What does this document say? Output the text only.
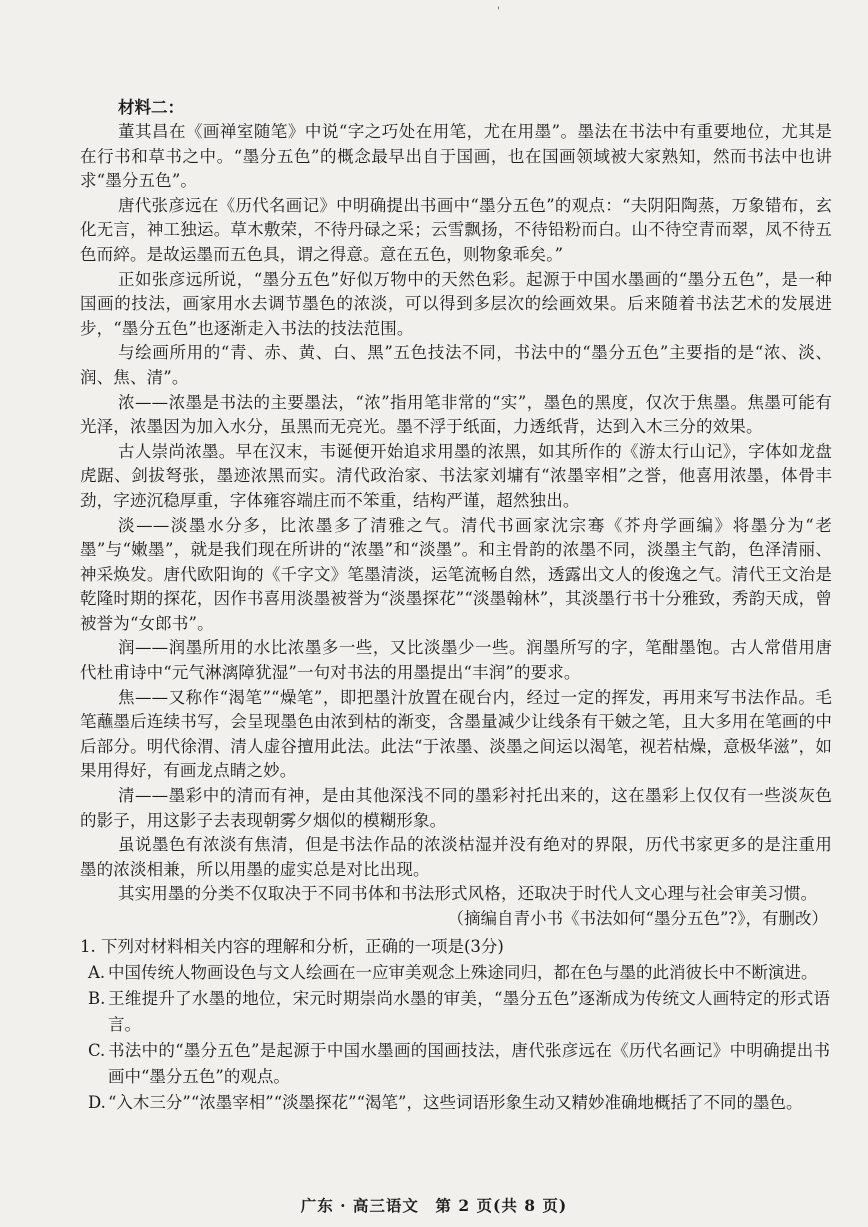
'
材料二：

董其昌在《画禅室随笔》中说“字之巧处在用笔，尤在用墨”。墨法在书法中有重要地位，尤其是在行书和草书之中。“墨分五色”的概念最早出自于国画，也在国画领域被大家熟知，然而书法中也讲求“墨分五色”。

唐代张彦远在《历代名画记》中明确提出书画中“墨分五色”的观点：“夫阴阳陶蒸，万象错布，玄化无言，神工独运。草木敷荣，不待丹碌之采；云雪飘扬，不待铅粉而白。山不待空青而翠，凤不待五色而綷。是故运墨而五色具，谓之得意。意在五色，则物象乖矣。”

正如张彦远所说，“墨分五色”好似万物中的天然色彩。起源于中国水墨画的“墨分五色”，是一种国画的技法，画家用水去调节墨色的浓淡，可以得到多层次的绘画效果。后来随着书法艺术的发展进步，“墨分五色”也逐渐走入书法的技法范围。

与绘画所用的“青、赤、黄、白、黑”五色技法不同，书法中的“墨分五色”主要指的是“浓、淡、润、焦、清”。

浓——浓墨是书法的主要墨法，“浓”指用笔非常的“实”，墨色的黑度，仅次于焦墨。焦墨可能有光泽，浓墨因为加入水分，虽黑而无亮光。墨不浮于纸面，力透纸背，达到入木三分的效果。

古人崇尚浓墨。早在汉末，韦诞便开始追求用墨的浓黑，如其所作的《游太行山记》，字体如龙盘虎踞、剑拔弩张，墨迹浓黑而实。清代政治家、书法家刘墉有“浓墨宰相”之誉，他喜用浓墨，体骨丰劲，字迹沉稳厚重，字体雍容端庄而不笨重，结构严谨，超然独出。

淡——淡墨水分多，比浓墨多了清雅之气。清代书画家沈宗骞《芥舟学画编》将墨分为“老墨”与“嫩墨”，就是我们现在所讲的“浓墨”和“淡墨”。和主骨韵的浓墨不同，淡墨主气韵，色泽清丽、神采焕发。唐代欧阳询的《千字文》笔墨清淡，运笔流畅自然，透露出文人的俊逸之气。清代王文治是乾隆时期的探花，因作书喜用淡墨被誉为“淡墨探花”“淡墨翰林”，其淡墨行书十分雅致，秀韵天成，曾被誉为“女郎书”。

润——润墨所用的水比浓墨多一些，又比淡墨少一些。润墨所写的字，笔酣墨饱。古人常借用唐代杜甫诗中“元气淋漓障犹湿”一句对书法的用墨提出“丰润”的要求。

焦——又称作“渴笔”“燥笔”，即把墨汁放置在砚台内，经过一定的挥发，再用来写书法作品。毛笔蘸墨后连续书写，会呈现墨色由浓到枯的渐变，含墨量减少让线条有干皴之笔，且大多用在笔画的中后部分。明代徐渭、清人虚谷擅用此法。此法“于浓墨、淡墨之间运以渴笔，视若枯燥，意极华滋”，如果用得好，有画龙点睛之妙。

清——墨彩中的清而有神，是由其他深浅不同的墨彩衬托出来的，这在墨彩上仅仅有一些淡灰色的影子，用这影子去表现朝雾夕烟似的模糊形象。

虽说墨色有浓淡有焦清，但是书法作品的浓淡枯湿并没有绝对的界限，历代书家更多的是注重用墨的浓淡相兼，所以用墨的虚实总是对比出现。

其实用墨的分类不仅取决于不同书体和书法形式风格，还取决于时代人文心理与社会审美习惯。

（摘编自青小书《书法如何“墨分五色”?》，有删改）
1. 下列对材料相关内容的理解和分析，正确的一项是(3分)
A. 中国传统人物画设色与文人绘画在一应审美观念上殊途同归，都在色与墨的此消彼长中不断演进。
B. 王维提升了水墨的地位，宋元时期崇尚水墨的审美，“墨分五色”逐渐成为传统文人画特定的形式语言。
C. 书法中的“墨分五色”是起源于中国水墨画的国画技法，唐代张彦远在《历代名画记》中明确提出书画中“墨分五色”的观点。
D. “入木三分”“浓墨宰相”“淡墨探花”“渴笔”，这些词语形象生动又精妙准确地概括了不同的墨色。
广东 · 高三语文　第 2 页(共 8 页)
